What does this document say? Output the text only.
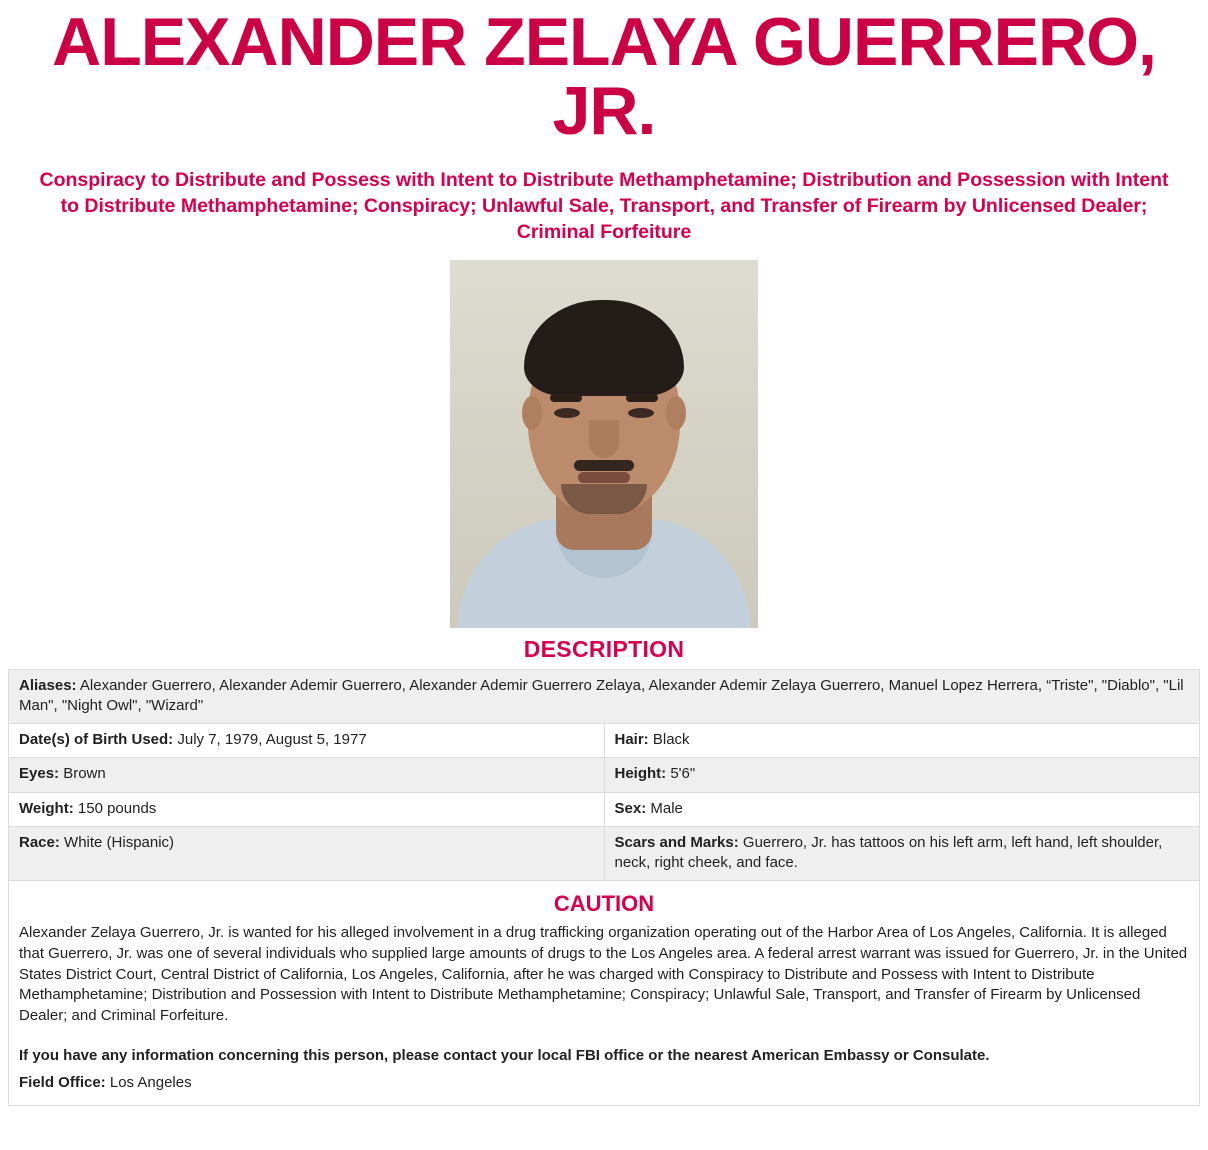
ALEXANDER ZELAYA GUERRERO, JR.
Conspiracy to Distribute and Possess with Intent to Distribute Methamphetamine; Distribution and Possession with Intent to Distribute Methamphetamine; Conspiracy; Unlawful Sale, Transport, and Transfer of Firearm by Unlicensed Dealer; Criminal Forfeiture
DESCRIPTION
Aliases: Alexander Guerrero, Alexander Ademir Guerrero, Alexander Ademir Guerrero Zelaya, Alexander Ademir Zelaya Guerrero, Manuel Lopez Herrera, “Triste", "Diablo", "Lil Man", "Night Owl", "Wizard"	
Date(s) of Birth Used: July 7, 1979, August 5, 1977	Hair: Black
Eyes: Brown	Height: 5'6"
Weight: 150 pounds	Sex: Male
Race: White (Hispanic)	Scars and Marks: Guerrero, Jr. has tattoos on his left arm, left hand, left shoulder, neck, right cheek, and face.
CAUTION
Alexander Zelaya Guerrero, Jr. is wanted for his alleged involvement in a drug trafficking organization operating out of the Harbor Area of Los Angeles, California. It is alleged that Guerrero, Jr. was one of several individuals who supplied large amounts of drugs to the Los Angeles area. A federal arrest warrant was issued for Guerrero, Jr. in the United States District Court, Central District of California, Los Angeles, California, after he was charged with Conspiracy to Distribute and Possess with Intent to Distribute Methamphetamine; Distribution and Possession with Intent to Distribute Methamphetamine; Conspiracy; Unlawful Sale, Transport, and Transfer of Firearm by Unlicensed Dealer; and Criminal Forfeiture.
If you have any information concerning this person, please contact your local FBI office or the nearest American Embassy or Consulate.
Field Office: Los Angeles
